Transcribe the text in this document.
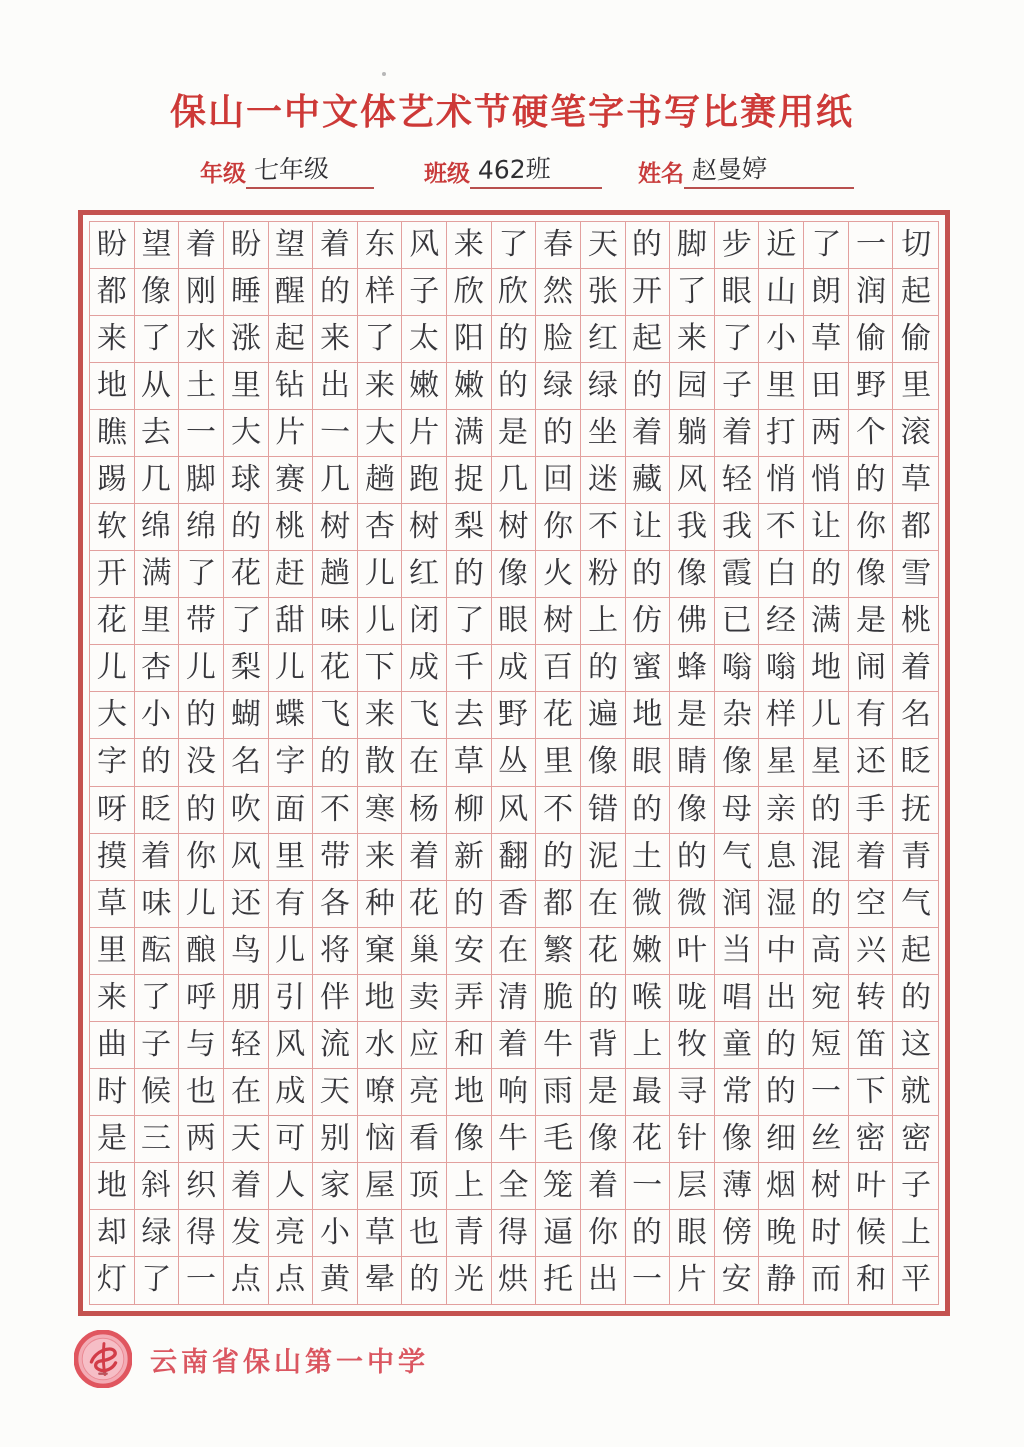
保山一中文体艺术节硬笔字书写比赛用纸
年级 七年级	班级 462班	姓名 赵曼婷
盼 望 着 盼 望 着 东 风 来 了 春 天 的 脚 步 近 了 一 切
都 像 刚 睡 醒 的 样 子 欣 欣 然 张 开 了 眼 山 朗 润 起
来 了 水 涨 起 来 了 太 阳 的 脸 红 起 来 了 小 草 偷 偷
地 从 土 里 钻 出 来 嫩 嫩 的 绿 绿 的 园 子 里 田 野 里
瞧 去 一 大 片 一 大 片 满 是 的 坐 着 躺 着 打 两 个 滚
踢 几 脚 球 赛 几 趟 跑 捉 几 回 迷 藏 风 轻 悄 悄 的 草
软 绵 绵 的 桃 树 杏 树 梨 树 你 不 让 我 我 不 让 你 都
开 满 了 花 赶 趟 儿 红 的 像 火 粉 的 像 霞 白 的 像 雪
花 里 带 了 甜 味 儿 闭 了 眼 树 上 仿 佛 已 经 满 是 桃
儿 杏 儿 梨 儿 花 下 成 千 成 百 的 蜜 蜂 嗡 嗡 地 闹 着
大 小 的 蝴 蝶 飞 来 飞 去 野 花 遍 地 是 杂 样 儿 有 名
字 的 没 名 字 的 散 在 草 丛 里 像 眼 睛 像 星 星 还 眨
呀 眨 的 吹 面 不 寒 杨 柳 风 不 错 的 像 母 亲 的 手 抚
摸 着 你 风 里 带 来 着 新 翻 的 泥 土 的 气 息 混 着 青
草 味 儿 还 有 各 种 花 的 香 都 在 微 微 润 湿 的 空 气
里 酝 酿 鸟 儿 将 窠 巢 安 在 繁 花 嫩 叶 当 中 高 兴 起
来 了 呼 朋 引 伴 地 卖 弄 清 脆 的 喉 咙 唱 出 宛 转 的
曲 子 与 轻 风 流 水 应 和 着 牛 背 上 牧 童 的 短 笛 这
时 候 也 在 成 天 嘹 亮 地 响 雨 是 最 寻 常 的 一 下 就
是 三 两 天 可 别 恼 看 像 牛 毛 像 花 针 像 细 丝 密 密
地 斜 织 着 人 家 屋 顶 上 全 笼 着 一 层 薄 烟 树 叶 子
却 绿 得 发 亮 小 草 也 青 得 逼 你 的 眼 傍 晚 时 候 上
灯 了 一 点 点 黄 晕 的 光 烘 托 出 一 片 安 静 而 和 平
云南省保山第一中学
